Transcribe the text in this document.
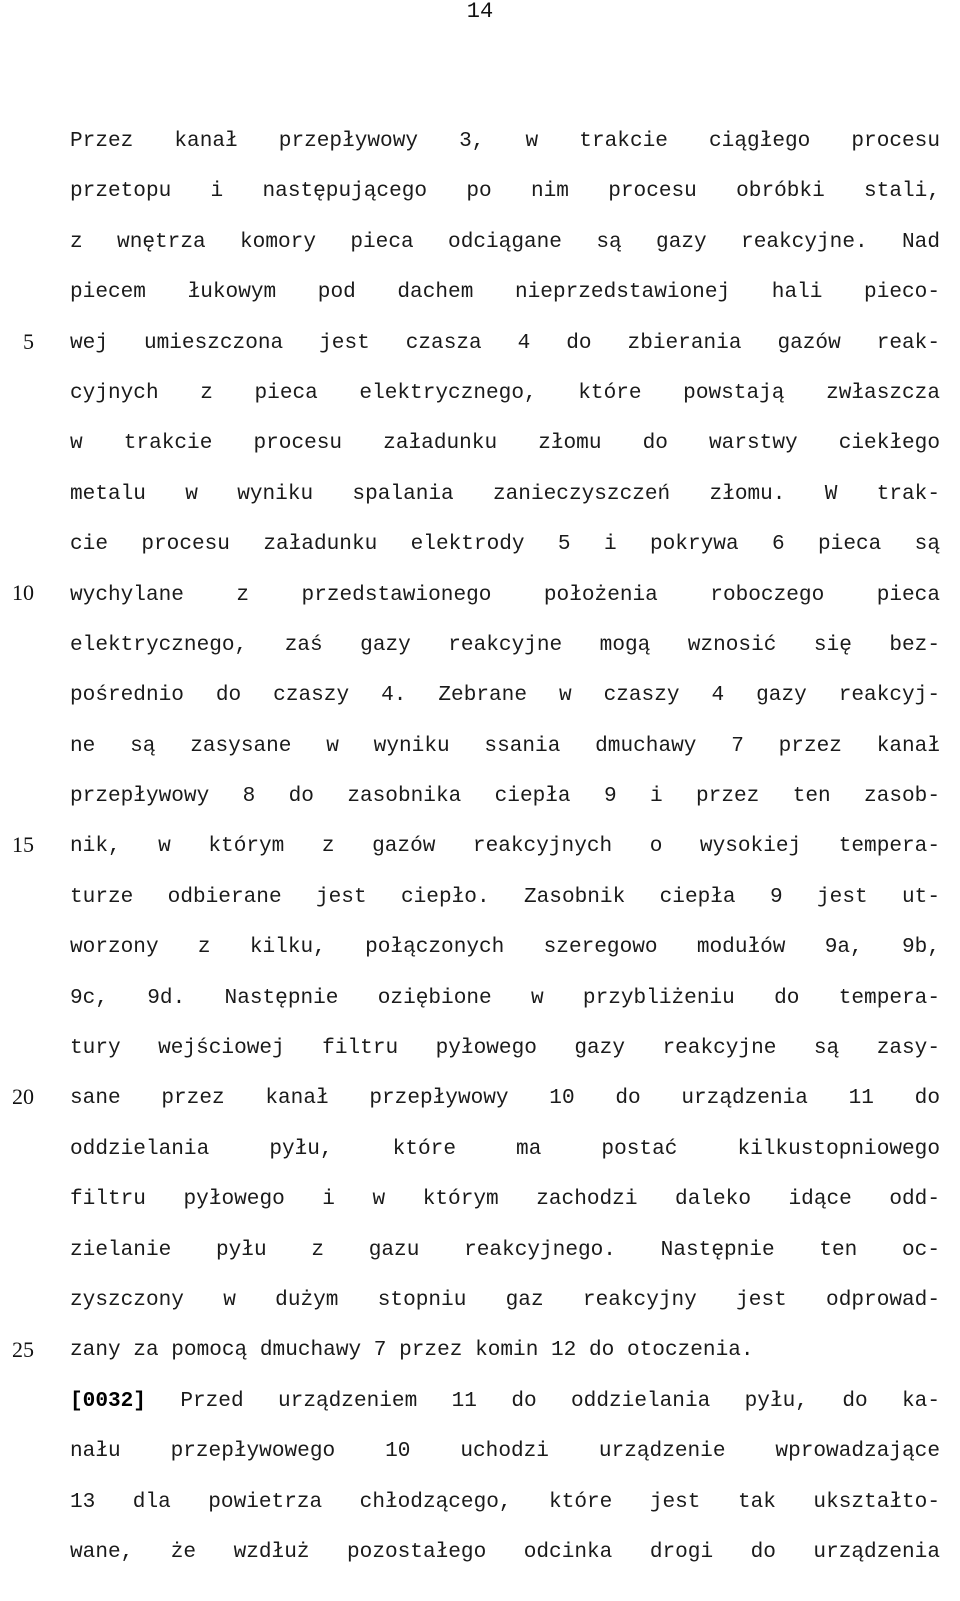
14
5
10
15
20
25
Przez kanał przepływowy 3, w trakcie ciągłego procesu
przetopu i następującego po nim procesu obróbki stali,
z wnętrza komory pieca odciągane są gazy reakcyjne. Nad
piecem łukowym pod dachem nieprzedstawionej hali pieco-
wej umieszczona jest czasza 4 do zbierania gazów reak-
cyjnych z pieca elektrycznego, które powstają zwłaszcza
w trakcie procesu załadunku złomu do warstwy ciekłego
metalu w wyniku spalania zanieczyszczeń złomu. W trak-
cie procesu załadunku elektrody 5 i pokrywa 6 pieca są
wychylane z przedstawionego położenia roboczego pieca
elektrycznego, zaś gazy reakcyjne mogą wznosić się bez-
pośrednio do czaszy 4. Zebrane w czaszy 4 gazy reakcyj-
ne są zasysane w wyniku ssania dmuchawy 7 przez kanał
przepływowy 8 do zasobnika ciepła 9 i przez ten zasob-
nik, w którym z gazów reakcyjnych o wysokiej tempera-
turze odbierane jest ciepło. Zasobnik ciepła 9 jest ut-
worzony z kilku, połączonych szeregowo modułów 9a, 9b,
9c, 9d. Następnie oziębione w przybliżeniu do tempera-
tury wejściowej filtru pyłowego gazy reakcyjne są zasy-
sane przez kanał przepływowy 10 do urządzenia 11 do
oddzielania pyłu, które ma postać kilkustopniowego
filtru pyłowego i w którym zachodzi daleko idące odd-
zielanie pyłu z gazu reakcyjnego. Następnie ten oc-
zyszczony w dużym stopniu gaz reakcyjny jest odprowad-
zany za pomocą dmuchawy 7 przez komin 12 do otoczenia.
[0032] Przed urządzeniem 11 do oddzielania pyłu, do ka-
nału przepływowego 10 uchodzi urządzenie wprowadzające
13 dla powietrza chłodzącego, które jest tak ukształto-
wane, że wzdłuż pozostałego odcinka drogi do urządzenia
